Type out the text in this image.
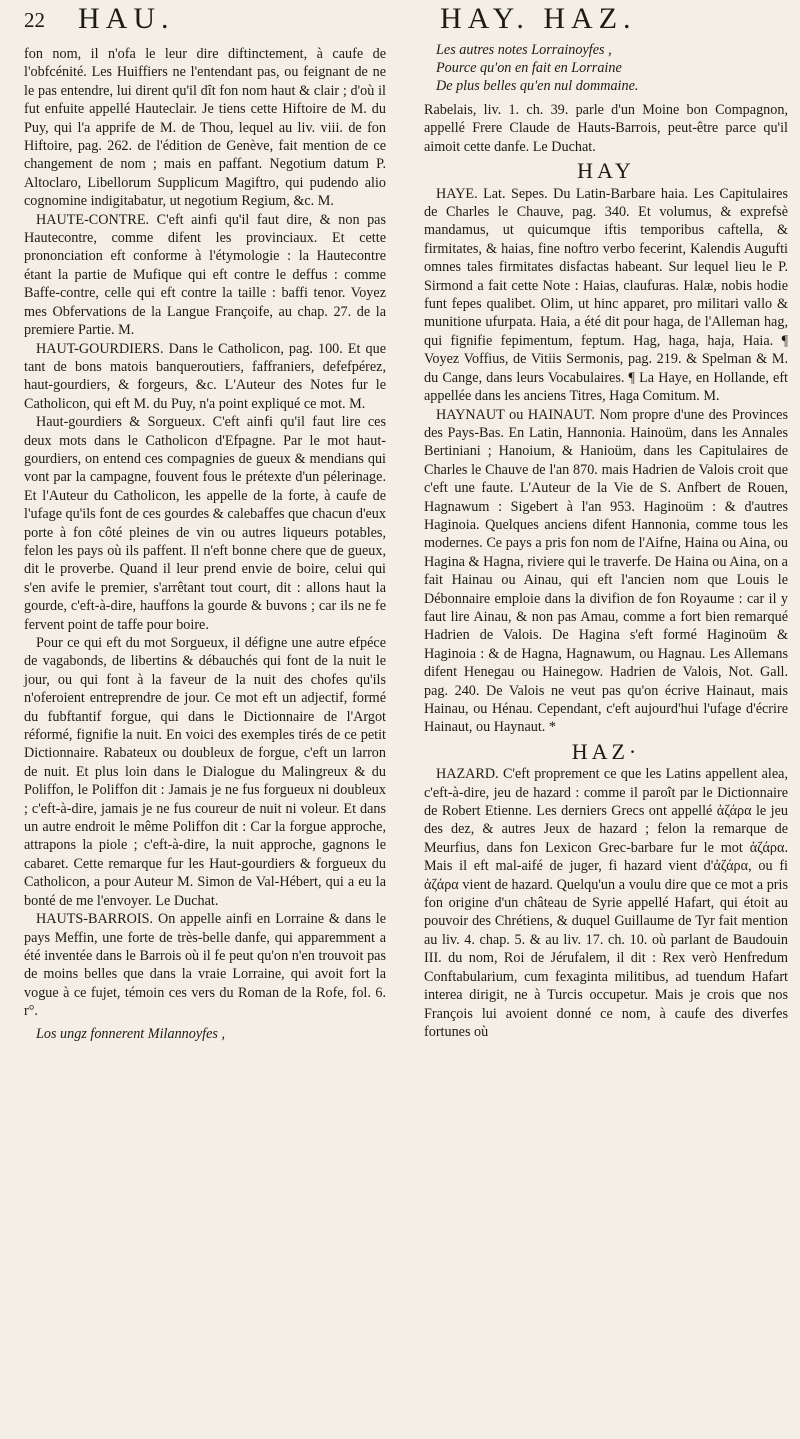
22 HAU.	HAY. HAZ.

fon nom, il n'ofa le leur dire diftinctement, à caufe de l'obfcénité. Les Huiffiers ne l'entendant pas, ou feignant de ne le pas entendre, lui dirent qu'il dît fon nom haut & clair ; d'où il fut enfuite appellé Hauteclair. Je tiens cette Hiftoire de M. du Puy, qui l'a apprife de M. de Thou, lequel au liv. viii. de fon Hiftoire, pag. 262. de l'édition de Genève, fait mention de ce changement de nom ; mais en paffant. Negotium datum P. Altoclaro, Libellorum Supplicum Magiftro, qui pudendo alio cognomine indigitabatur, ut negotium Regium, &c. M.

HAUTE-CONTRE. C'eft ainfi qu'il faut dire, & non pas Hautecontre, comme difent les provinciaux. Et cette prononciation eft conforme à l'étymologie : la Hautecontre étant la partie de Mufique qui eft contre le deffus : comme Baffe-contre, celle qui eft contre la taille : baffi tenor. Voyez mes Obfervations de la Langue Françoife, au chap. 27. de la premiere Partie. M.

HAUT-GOURDIERS. Dans le Catholicon, pag. 100. Et que tant de bons matois banqueroutiers, faffraniers, defefpérez, haut-gourdiers, & forgeurs, &c. L'Auteur des Notes fur le Catholicon, qui eft M. du Puy, n'a point expliqué ce mot. M.

Haut-gourdiers & Sorgueux. C'eft ainfi qu'il faut lire ces deux mots dans le Catholicon d'Efpagne. Par le mot haut-gourdiers, on entend ces compagnies de gueux & mendians qui vont par la campagne, fouvent fous le prétexte d'un pélerinage. Et l'Auteur du Catholicon, les appelle de la forte, à caufe de l'ufage qu'ils font de ces gourdes & calebaffes que chacun d'eux porte à fon côté pleines de vin ou autres liqueurs potables, felon les pays où ils paffent. Il n'eft bonne chere que de gueux, dit le proverbe. Quand il leur prend envie de boire, celui qui s'en avife le premier, s'arrêtant tout court, dit : allons haut la gourde, c'eft-à-dire, hauffons la gourde & buvons ; car ils ne fe fervent point de taffe pour boire.

Pour ce qui eft du mot Sorgueux, il défigne une autre efpéce de vagabonds, de libertins & débauchés qui font de la nuit le jour, ou qui font à la faveur de la nuit des chofes qu'ils n'oferoient entreprendre de jour. Ce mot eft un adjectif, formé du fubftantif forgue, qui dans le Dictionnaire de l'Argot réformé, fignifie la nuit. En voici des exemples tirés de ce petit Dictionnaire. Rabateux ou doubleux de forgue, c'eft un larron de nuit. Et plus loin dans le Dialogue du Malingreux & du Poliffon, le Poliffon dit : Jamais je ne fus forgueux ni doubleux ; c'eft-à-dire, jamais je ne fus coureur de nuit ni voleur. Et dans un autre endroit le même Poliffon dit : Car la forgue approche, attrapons la piole ; c'eft-à-dire, la nuit approche, gagnons le cabaret. Cette remarque fur les Haut-gourdiers & forgueux du Catholicon, a pour Auteur M. Simon de Val-Hébert, qui a eu la bonté de me l'envoyer. Le Duchat.

HAUTS-BARROIS. On appelle ainfi en Lorraine & dans le pays Meffin, une forte de très-belle danfe, qui apparemment a été inventée dans le Barrois où il fe peut qu'on n'en trouvoit pas de moins belles que dans la vraie Lorraine, qui avoit fort la vogue à ce fujet, témoin ces vers du Roman de la Rofe, fol. 6. r°.

Los ungz fonnerent Milannoyfes ,
Les autres notes Lorrainoyfes ,
Pource qu'on en fait en Lorraine
De plus belles qu'en nul dommaine.

Rabelais, liv. 1. ch. 39. parle d'un Moine bon Compagnon, appellé Frere Claude de Hauts-Barrois, peut-être parce qu'il aimoit cette danfe. Le Duchat.

HAY

HAYE. Lat. Sepes. Du Latin-Barbare haia. Les Capitulaires de Charles le Chauve, pag. 340. Et volumus, & exprefsè mandamus, ut quicumque iftis temporibus caftella, & firmitates, & haias, fine noftro verbo fecerint, Kalendis Augufti omnes tales firmitates disfactas habeant. Sur lequel lieu le P. Sirmond a fait cette Note : Haias, claufuras. Halæ, nobis hodie funt fepes qualibet. Olim, ut hinc apparet, pro militari vallo & munitione ufurpata. Haia, a été dit pour haga, de l'Alleman hag, qui fignifie fepimentum, feptum. Hag, haga, haja, Haia. ¶ Voyez Voffius, de Vitiis Sermonis, pag. 219. & Spelman & M. du Cange, dans leurs Vocabulaires. ¶ La Haye, en Hollande, eft appellée dans les anciens Titres, Haga Comitum. M.

HAYNAUT ou HAINAUT. Nom propre d'une des Provinces des Pays-Bas. En Latin, Hannonia. Hainoüm, dans les Annales Bertiniani ; Hanoium, & Hanioüm, dans les Capitulaires de Charles le Chauve de l'an 870. mais Hadrien de Valois croit que c'eft une faute. L'Auteur de la Vie de S. Anfbert de Rouen, Hagnawum : Sigebert à l'an 953. Haginoüm : & d'autres Haginoia. Quelques anciens difent Hannonia, comme tous les modernes. Ce pays a pris fon nom de l'Aifne, Haina ou Aina, ou Hagina & Hagna, riviere qui le traverfe. De Haina ou Aina, on a fait Hainau ou Ainau, qui eft l'ancien nom que Louis le Débonnaire emploie dans la divifion de fon Royaume : car il y faut lire Ainau, & non pas Amau, comme a fort bien remarqué Hadrien de Valois. De Hagina s'eft formé Haginoüm & Haginoia : & de Hagna, Hagnawum, ou Hagnau. Les Allemans difent Henegau ou Hainegow. Hadrien de Valois, Not. Gall. pag. 240. De Valois ne veut pas qu'on écrive Hainaut, mais Hainau, ou Hénau. Cependant, c'eft aujourd'hui l'ufage d'écrire Hainaut, ou Haynaut. *

HAZ·

HAZARD. C'eft proprement ce que les Latins appellent alea, c'eft-à-dire, jeu de hazard : comme il paroît par le Dictionnaire de Robert Etienne. Les derniers Grecs ont appellé ἀζάρα le jeu des dez, & autres Jeux de hazard ; felon la remarque de Meurfius, dans fon Lexicon Grec-barbare fur le mot ἀζάρα. Mais il eft mal-aifé de juger, fi hazard vient d'ἀζάρα, ou fi ἀζάρα vient de hazard. Quelqu'un a voulu dire que ce mot a pris fon origine d'un château de Syrie appellé Hafart, qui étoit au pouvoir des Chrétiens, & duquel Guillaume de Tyr fait mention au liv. 4. chap. 5. & au liv. 17. ch. 10. où parlant de Baudouin III. du nom, Roi de Jérufalem, il dit : Rex verò Henfredum Conftabularium, cum fexaginta militibus, ad tuendum Hafart interea dirigit, ne à Turcis occupetur. Mais je crois que nos François lui avoient donné ce nom, à caufe des diverfes fortunes où
